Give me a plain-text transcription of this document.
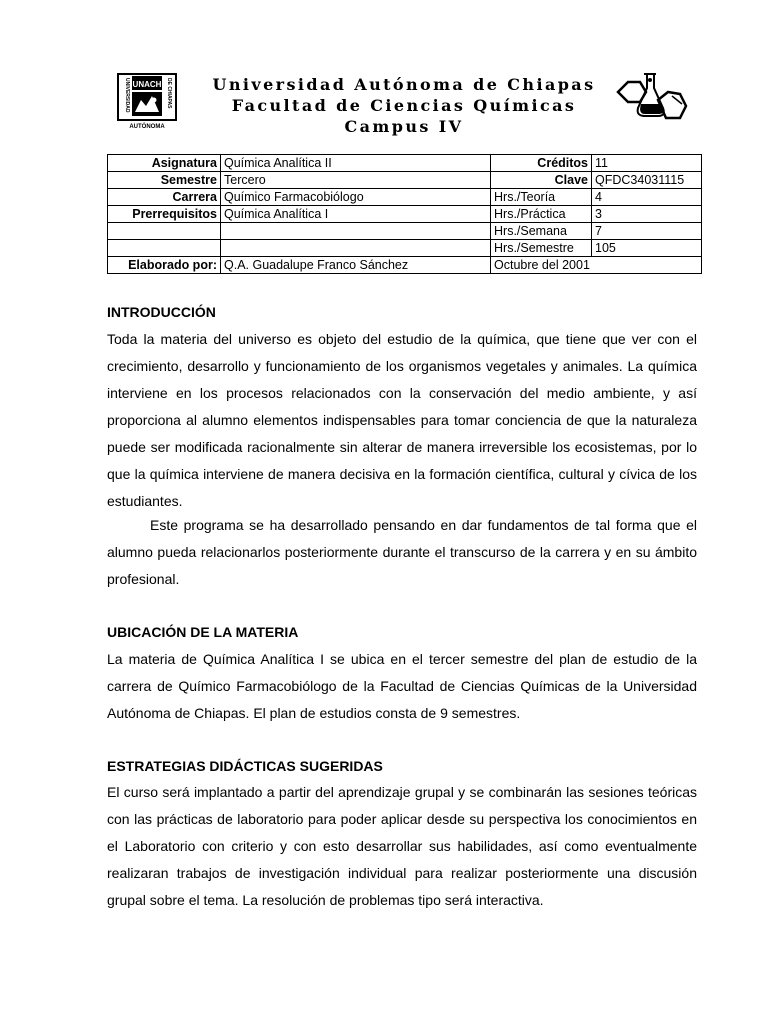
UNACH
UNIVERSIDAD	DE CHIAPAS
AUTÓNOMA
Universidad Autónoma de Chiapas
Facultad de Ciencias Químicas
Campus IV
Asignatura	Química Analítica II	Créditos	11
Semestre	Tercero	Clave	QFDC34031115
Carrera	Químico Farmacobiólogo	Hrs./Teoría	4
Prerrequisitos	Química Analítica I	Hrs./Práctica	3
		Hrs./Semana	7
		Hrs./Semestre	105
Elaborado por:	Q.A. Guadalupe Franco Sánchez	Octubre del 2001	
INTRODUCCIÓN
Toda la materia del universo es objeto del estudio de la química, que tiene que ver con el crecimiento, desarrollo y funcionamiento de los organismos vegetales y animales. La química interviene en los procesos relacionados con la conservación del medio ambiente, y así proporciona al alumno elementos indispensables para tomar conciencia de que la naturaleza puede ser modificada racionalmente sin alterar de manera irreversible los ecosistemas, por lo que la química interviene de manera decisiva en la formación científica, cultural y cívica de los estudiantes.
Este programa se ha desarrollado pensando en dar fundamentos de tal forma que el alumno pueda relacionarlos posteriormente durante el transcurso de la carrera y en su ámbito profesional.
UBICACIÓN DE LA MATERIA
La materia de Química Analítica I se ubica en el tercer semestre del plan de estudio de la carrera de Químico Farmacobiólogo de la Facultad de Ciencias Químicas de la Universidad Autónoma de Chiapas. El plan de estudios consta de 9 semestres.
ESTRATEGIAS DIDÁCTICAS SUGERIDAS
El curso será implantado a partir del aprendizaje grupal y se combinarán las sesiones teóricas con las prácticas de laboratorio para poder aplicar desde su perspectiva los conocimientos en el Laboratorio con criterio y con esto desarrollar sus habilidades, así como eventualmente realizaran trabajos de investigación individual para realizar posteriormente una discusión grupal sobre el tema. La resolución de problemas tipo será interactiva.
